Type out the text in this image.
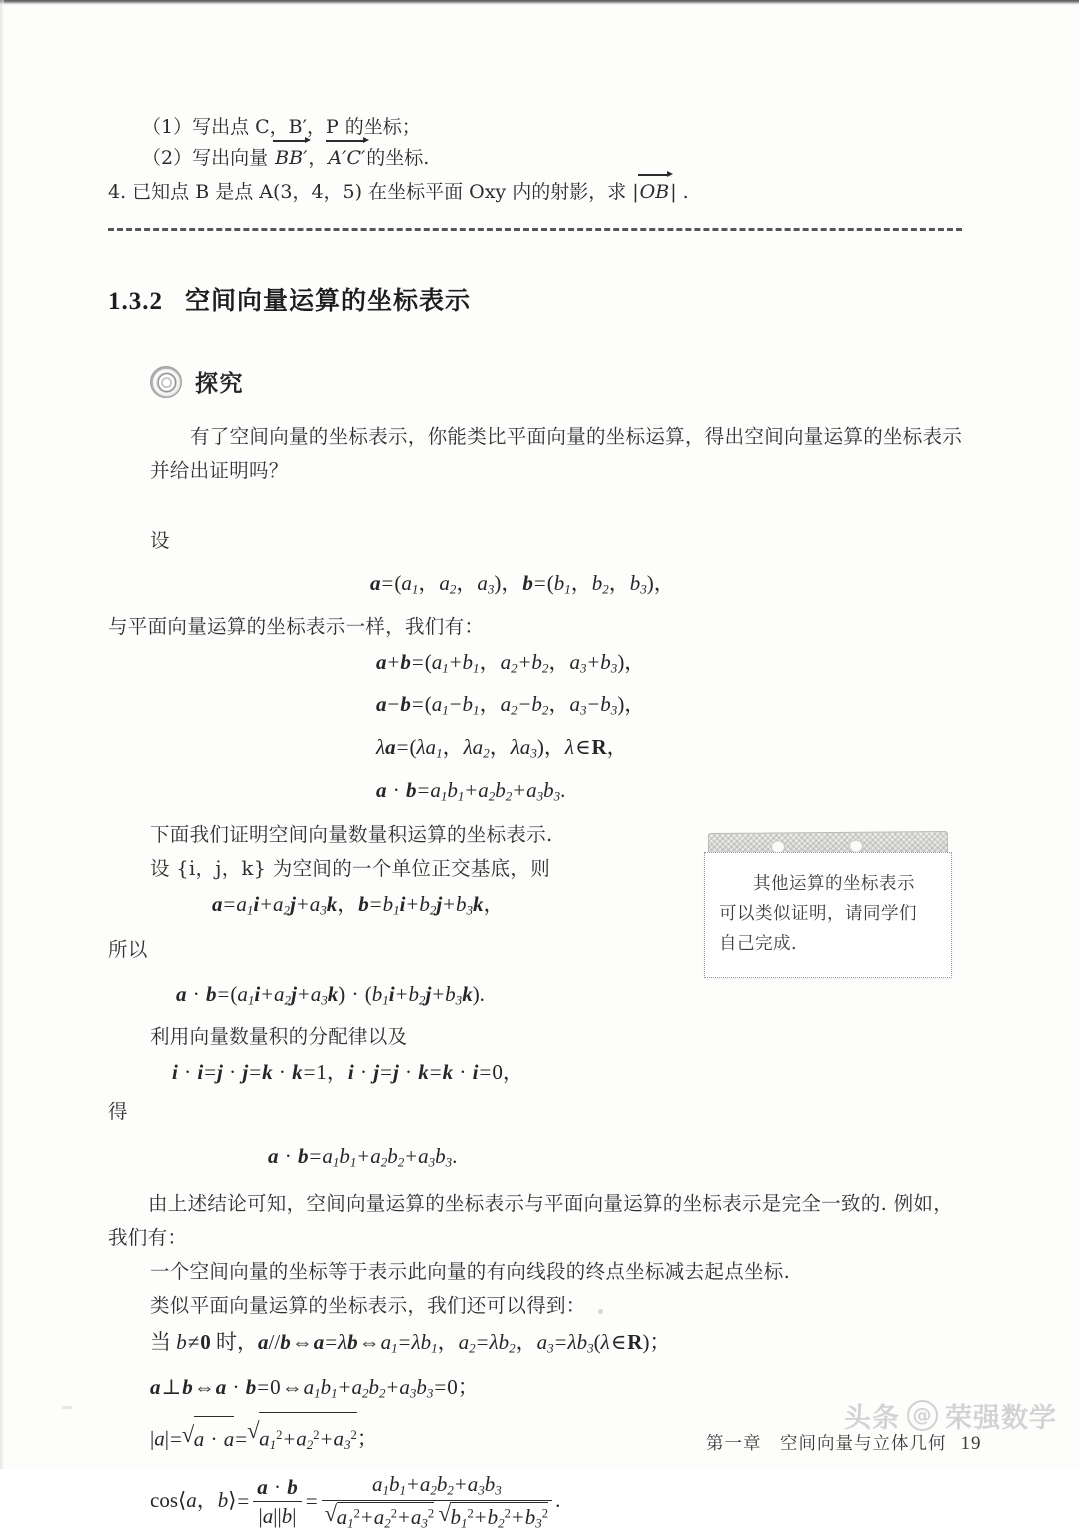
（1）写出点 C，B′，P 的坐标；
（2）写出向量
BB′，
A′C′的坐标.
4. 已知点 B 是点 A(3，4，5) 在坐标平面 Oxy 内的射影，求 |
OB| .
1.3.2 空间向量运算的坐标表示
探究
有了空间向量的坐标表示，你能类比平面向量的坐标运算，得出空间向量运算的坐标表示并给出证明吗？
设
$a=(a_1$，$a_2$，$a_3$)，$b=(b_1$，$b_2$，$b_3$)，
与平面向量运算的坐标表示一样，我们有：
$a+b=(a_1+b_1$，$a_2+b_2$，$a_3+b_3$)，
$a-b=(a_1-b_1$，$a_2-b_2$，$a_3-b_3$)，
$\lambda a=(\lambda a_1$，$\lambda a_2$，$\lambda a_3$)，λ∈R，
$a \cdot b=a_1b_1+a_2b_2+a_3b_3$.
下面我们证明空间向量数量积运算的坐标表示.
设 {i，j，k} 为空间的一个单位正交基底，则
$a=a_1i+a_2j+a_3k$，$b=b_1i+b_2j+b_3k$，
所以
$a \cdot b=(a_1i+a_2j+a_3k) \cdot (b_1i+b_2j+b_3k)$.
利用向量数量积的分配律以及
i · i=j · j=k · k=1，i · j=j · k=k · i=0，
得
$a \cdot b=a_1b_1+a_2b_2+a_3b_3$.
由上述结论可知，空间向量运算的坐标表示与平面向量运算的坐标表示是完全一致的. 例如，我们有：
一个空间向量的坐标等于表示此向量的有向线段的终点坐标减去起点坐标.
类似平面向量运算的坐标表示，我们还可以得到：
当 b≠0 时，$a//b\Leftrightarrow a=\lambda b\Leftrightarrow a_1=\lambda b_1$，$a_2=\lambda b_2$，$a_3=\lambda b_3(\lambda\in R)$；
a⊥b⇔a · $b=0\Leftrightarrow a_1b_1+a_2b_2+a_3b_3=0$；
|a|= √ a · a= √ $a_1^2+a_2^2+a_3^2$；
cos⟨a，b⟩= $\frac{a \cdot b}{|a||b|} = a_1b_1+a_2b_2+a_3b_3$
√ $a_1^2+a_2^2+a_3^2$ √ $b_1^2+b_2^2+b_3^2$ .
其他运算的坐标表示
可以类似证明，请同学们
自己完成.
第一章　空间向量与立体几何 19
头条 @ 荣强数学
